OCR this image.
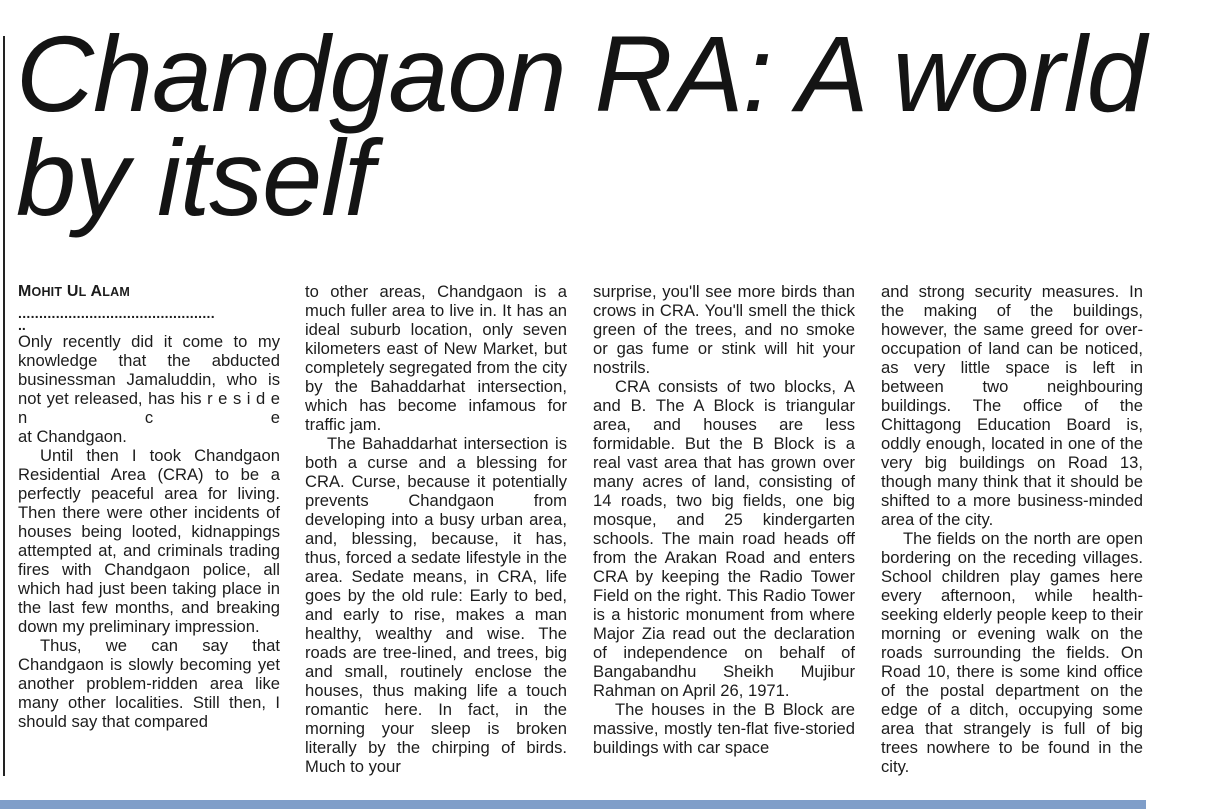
Chandgaon RA: A world by itself
MOHIT UL ALAM
...............................................
..

Only recently did it come to my knowledge that the abducted businessman Jamaluddin, who is not yet released, has his r e s i d e n c e

at Chandgaon.

Until then I took Chandgaon Residential Area (CRA) to be a perfectly peaceful area for living. Then there were other incidents of houses being looted, kidnappings attempted at, and criminals trading fires with Chandgaon police, all which had just been taking place in the last few months, and breaking down my preliminary impression.

Thus, we can say that Chandgaon is slowly becoming yet another problem-ridden area like many other localities. Still then, I should say that compared

to other areas, Chandgaon is a much fuller area to live in. It has an ideal suburb location, only seven kilometers east of New Market, but completely segregated from the city by the Bahaddarhat intersection, which has become infamous for traffic jam.

The Bahaddarhat intersection is both a curse and a blessing for CRA. Curse, because it potentially prevents Chandgaon from developing into a busy urban area, and, blessing, because, it has, thus, forced a sedate lifestyle in the area. Sedate means, in CRA, life goes by the old rule: Early to bed, and early to rise, makes a man healthy, wealthy and wise. The roads are tree-lined, and trees, big and small, routinely enclose the houses, thus making life a touch romantic here. In fact, in the morning your sleep is broken literally by the chirping of birds. Much to your

surprise, you'll see more birds than crows in CRA. You'll smell the thick green of the trees, and no smoke or gas fume or stink will hit your nostrils.

CRA consists of two blocks, A and B. The A Block is triangular area, and houses are less formidable. But the B Block is a real vast area that has grown over many acres of land, consisting of 14 roads, two big fields, one big mosque, and 25 kindergarten schools. The main road heads off from the Arakan Road and enters CRA by keeping the Radio Tower Field on the right. This Radio Tower is a historic monument from where Major Zia read out the declaration of independence on behalf of Bangabandhu Sheikh Mujibur Rahman on April 26, 1971.

The houses in the B Block are massive, mostly ten-flat five-storied buildings with car space

and strong security measures. In the making of the buildings, however, the same greed for over-occupation of land can be noticed, as very little space is left in between two neighbouring buildings. The office of the Chittagong Education Board is, oddly enough, located in one of the very big buildings on Road 13, though many think that it should be shifted to a more business-minded area of the city.

The fields on the north are open bordering on the receding villages. School children play games here every afternoon, while health-seeking elderly people keep to their morning or evening walk on the roads surrounding the fields. On Road 10, there is some kind office of the postal department on the edge of a ditch, occupying some area that strangely is full of big trees nowhere to be found in the city.
